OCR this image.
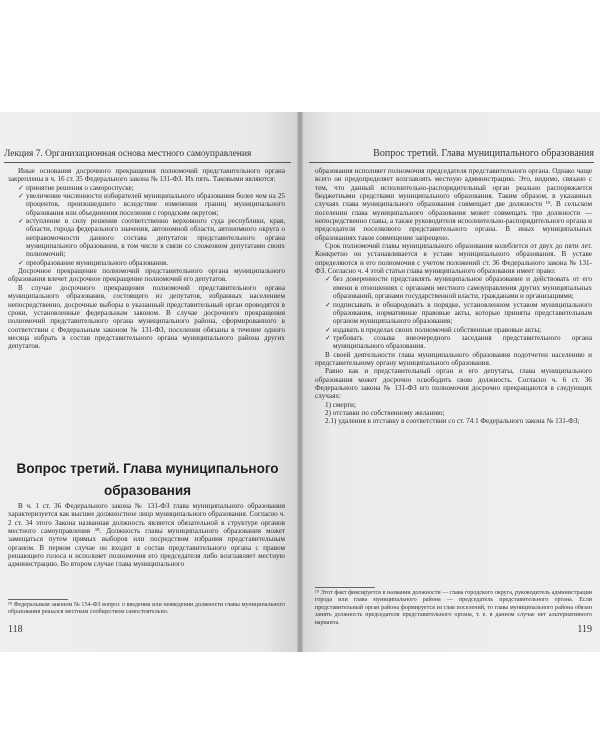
Лекция 7. Организационная основа местного самоуправления
Иные основания досрочного прекращения полномочий представительного органа закреплены в ч. 16 ст. 35 Федерального закона № 131-ФЗ. Их пять. Таковыми являются:
✓ принятие решения о самороспуске;
✓ увеличение численности избирателей муниципального образования более чем на 25 процентов, произошедшего вследствие изменения границ муниципального образования или объединения поселения с городским округом;
✓ вступление в силу решения соответственно верховного суда республики, края, области, города федерального значения, автономной области, автономного округа о неправомочности данного состава депутатов представительного органа муниципального образования, в том числе в связи со сложением депутатами своих полномочий;
✓ преобразование муниципального образования.
Досрочное прекращение полномочий представительного органа муниципального образования влечет досрочное прекращение полномочий его депутатов.
В случае досрочного прекращения полномочий представительного органа муниципального образования, состоящего из депутатов, избранных населением непосредственно, досрочные выборы в указанный представительный орган проводятся в сроки, установленные федеральным законом. В случае досрочного прекращения полномочий представительного органа муниципального района, сформированного в соответствии с Федеральным законом № 131-ФЗ, поселения обязаны в течение одного месяца избрать в состав представительного органа муниципального района других депутатов.
Вопрос третий. Глава муниципального
образования
В ч. 1 ст. 36 Федерального закона № 131-ФЗ глава муниципального образования характеризуется как высшее должностное лицо муниципального образования. Согласно ч. 2 ст. 34 этого Закона названная должность является обязательной в структуре органов местного самоуправления ¹⁸. Должность главы муниципального образования может замещаться путем прямых выборов или посредством избрания представительным органом. В первом случае он входит в состав представительного органа с правом решающего голоса и исполняет полномочия его председателя либо возглавляет местную администрацию. Во втором случае глава муниципального
¹⁸ Федеральным законом № 154-ФЗ вопрос о введении или невведении должности главы муниципального образования решался местным сообществом самостоятельно.
118
Вопрос третий. Глава муниципального образования
образования исполняет полномочия председателя представительного органа. Однако чаще всего он предопределяет возглавлять местную администрацию. Это, видимо, связано с тем, что данный исполнительно-распорядительный орган реально распоряжается бюджетными средствами муниципального образования. Таким образом, в указанных случаях глава муниципального образования совмещает две должности ¹⁹. В сельском поселении глава муниципального образования может совмещать три должности — непосредственно главы, а также руководителя исполнительно-распорядительного органа и председателя поселкового представительного органа. В иных муниципальных образованиях такое совмещение запрещено.
Срок полномочий главы муниципального образования колеблется от двух до пяти лет. Конкретно он устанавливается в уставе муниципального образования. В уставе определяются и его полномочия с учетом положений ст. 36 Федерального закона № 131-ФЗ. Согласно ч. 4 этой статьи глава муниципального образования имеет право:
✓ без доверенности представлять муниципальное образование и действовать от его имени в отношениях с органами местного самоуправления других муниципальных образований, органами государственной власти, гражданами и организациями;
✓ подписывать и обнародовать в порядке, установленном уставом муниципального образования, нормативные правовые акты, которые приняты представительным органом муниципального образования;
✓ издавать в пределах своих полномочий собственные правовые акты;
✓ требовать созыва внеочередного заседания представительного органа муниципального образования.
В своей деятельности глава муниципального образования подотчетен населению и представительному органу муниципального образования.
Равно как и представительный орган и его депутаты, глава муниципального образования может досрочно освободить свою должность. Согласно ч. 6 ст. 36 Федерального закона № 131-ФЗ его полномочия досрочно прекращаются в следующих случаях:
1) смерти;
2) отставки по собственному желанию;
2.1) удаления в отставку в соответствии со ст. 74.1 Федерального закона № 131-ФЗ;
¹⁹ Этот факт фиксируется в названии должности — глава городского округа, руководитель администрации города или глава муниципального района — председатель представительного органа. Если представительный орган района формируется из глав поселений, то глава муниципального района обязан занять должность председателя представительного органа, т. е. в данном случае нет альтернативного варианта.
119
